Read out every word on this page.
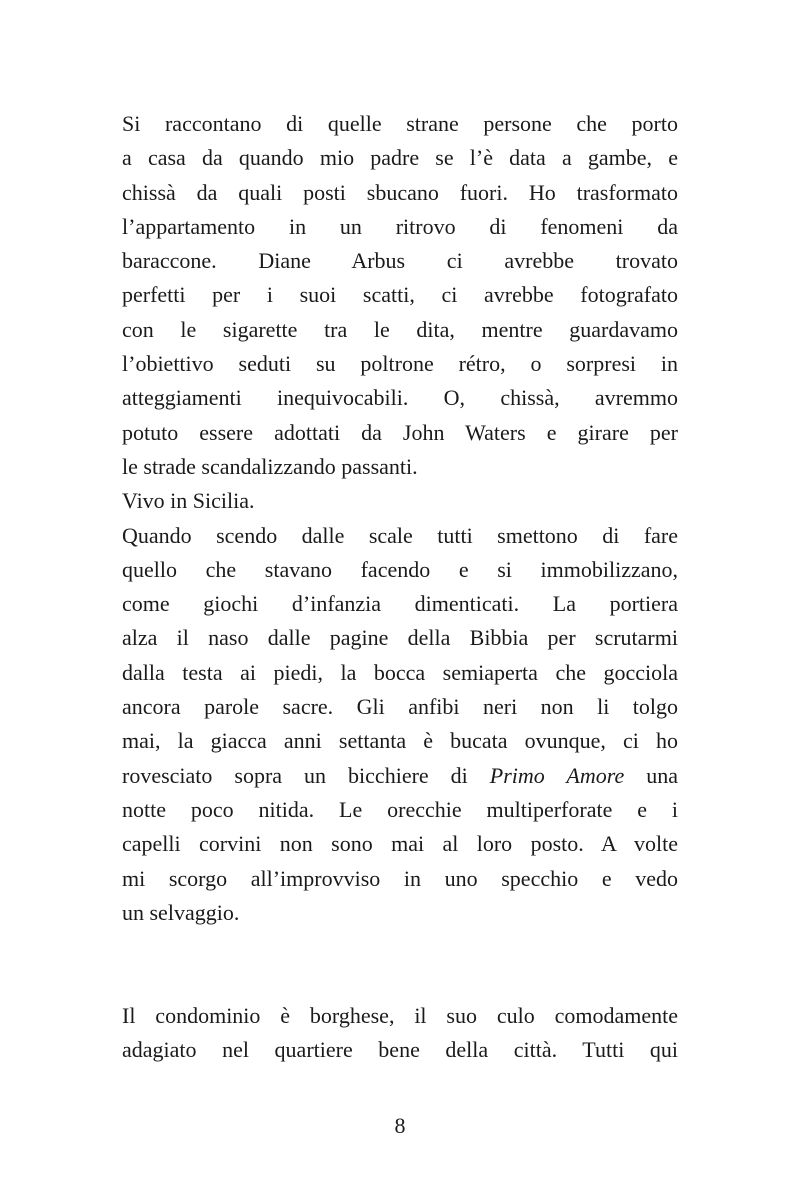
Si raccontano di quelle strane persone che porto
a casa da quando mio padre se l’è data a gambe, e
chissà da quali posti sbucano fuori. Ho trasformato
l’appartamento in un ritrovo di fenomeni da
baraccone. Diane Arbus ci avrebbe trovato
perfetti per i suoi scatti, ci avrebbe fotografato
con le sigarette tra le dita, mentre guardavamo
l’obiettivo seduti su poltrone rétro, o sorpresi in
atteggiamenti inequivocabili. O, chissà, avremmo
potuto essere adottati da John Waters e girare per
le strade scandalizzando passanti.
Vivo in Sicilia.
Quando scendo dalle scale tutti smettono di fare
quello che stavano facendo e si immobilizzano,
come giochi d’infanzia dimenticati. La portiera
alza il naso dalle pagine della Bibbia per scrutarmi
dalla testa ai piedi, la bocca semiaperta che gocciola
ancora parole sacre. Gli anfibi neri non li tolgo
mai, la giacca anni settanta è bucata ovunque, ci ho
rovesciato sopra un bicchiere di Primo Amore una
notte poco nitida. Le orecchie multiperforate e i
capelli corvini non sono mai al loro posto. A volte
mi scorgo all’improvviso in uno specchio e vedo
un selvaggio.
Il condominio è borghese, il suo culo comodamente
adagiato nel quartiere bene della città. Tutti qui
8
